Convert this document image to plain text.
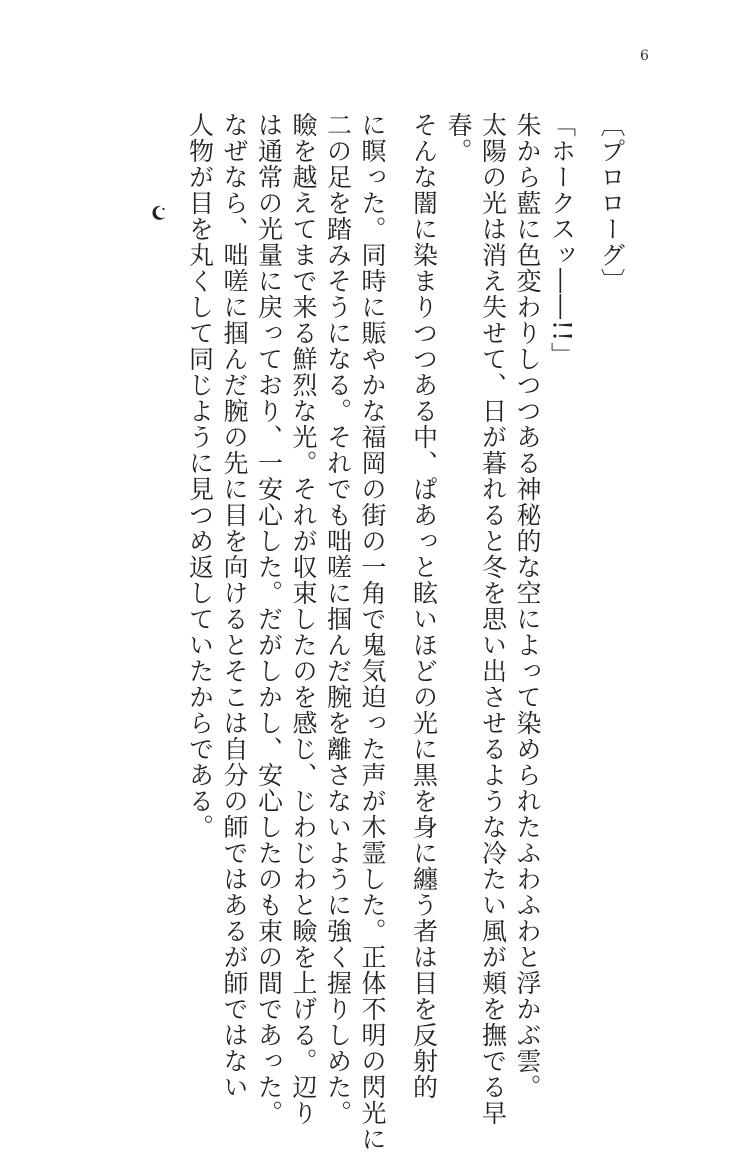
6

〔プロローグ〕

「ホークスッ――!!」

朱から藍に色変わりしつつある神秘的な空によって染められたふわふわと浮かぶ雲。

太陽の光は消え失せて、日が暮れると冬を思い出させるような冷たい風が頬を撫でる早

春。

そんな闇に染まりつつある中、ぱあっと眩いほどの光に黒を身に纏う者は目を反射的

に瞑った。同時に賑やかな福岡の街の一角で鬼気迫った声が木霊した。正体不明の閃光に

二の足を踏みそうになる。それでも咄嗟に掴んだ腕を離さないように強く握りしめた。

瞼を越えてまで来る鮮烈な光。それが収束したのを感じ、じわじわと瞼を上げる。辺り

は通常の光量に戻っており、一安心した。だがしかし、安心したのも束の間であった。

なぜなら、咄嗟に掴んだ腕の先に目を向けるとそこは自分の師ではあるが師ではない

人物が目を丸くして同じように見つめ返していたからである。
